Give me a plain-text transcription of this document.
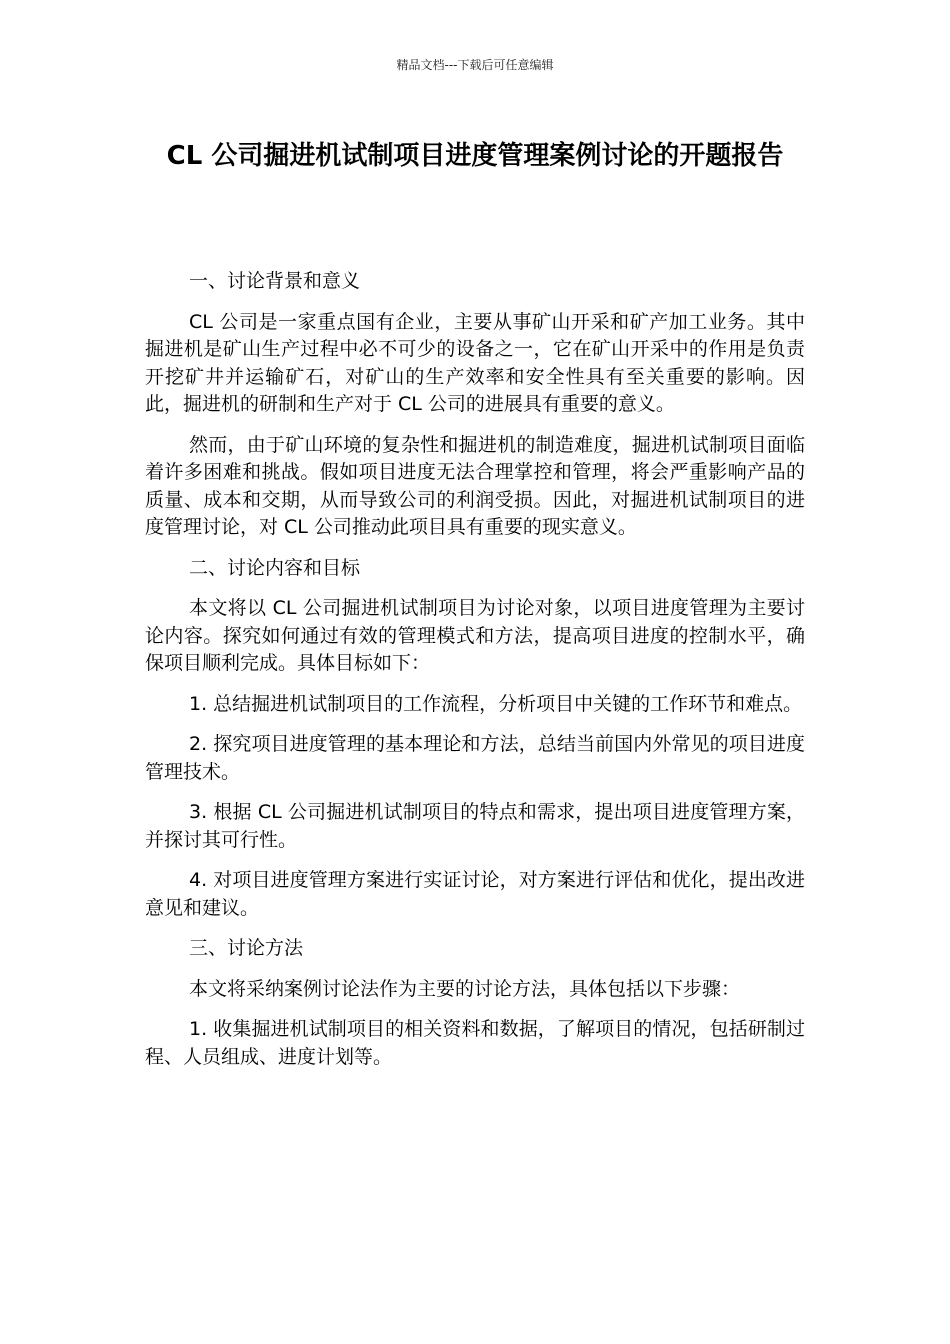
精品文档---下载后可任意编辑
CL 公司掘进机试制项目进度管理案例讨论的开题报告

一、讨论背景和意义

CL 公司是一家重点国有企业，主要从事矿山开采和矿产加工业务。其中掘进机是矿山生产过程中必不可少的设备之一，它在矿山开采中的作用是负责开挖矿井并运输矿石，对矿山的生产效率和安全性具有至关重要的影响。因此，掘进机的研制和生产对于 CL 公司的进展具有重要的意义。

然而，由于矿山环境的复杂性和掘进机的制造难度，掘进机试制项目面临着许多困难和挑战。假如项目进度无法合理掌控和管理，将会严重影响产品的质量、成本和交期，从而导致公司的利润受损。因此，对掘进机试制项目的进度管理讨论，对 CL 公司推动此项目具有重要的现实意义。

二、讨论内容和目标

本文将以 CL 公司掘进机试制项目为讨论对象，以项目进度管理为主要讨论内容。探究如何通过有效的管理模式和方法，提高项目进度的控制水平，确保项目顺利完成。具体目标如下：

1. 总结掘进机试制项目的工作流程，分析项目中关键的工作环节和难点。

2. 探究项目进度管理的基本理论和方法，总结当前国内外常见的项目进度管理技术。

3. 根据 CL 公司掘进机试制项目的特点和需求，提出项目进度管理方案，并探讨其可行性。

4. 对项目进度管理方案进行实证讨论，对方案进行评估和优化，提出改进意见和建议。

三、讨论方法

本文将采纳案例讨论法作为主要的讨论方法，具体包括以下步骤：

1. 收集掘进机试制项目的相关资料和数据，了解项目的情况，包括研制过程、人员组成、进度计划等。
